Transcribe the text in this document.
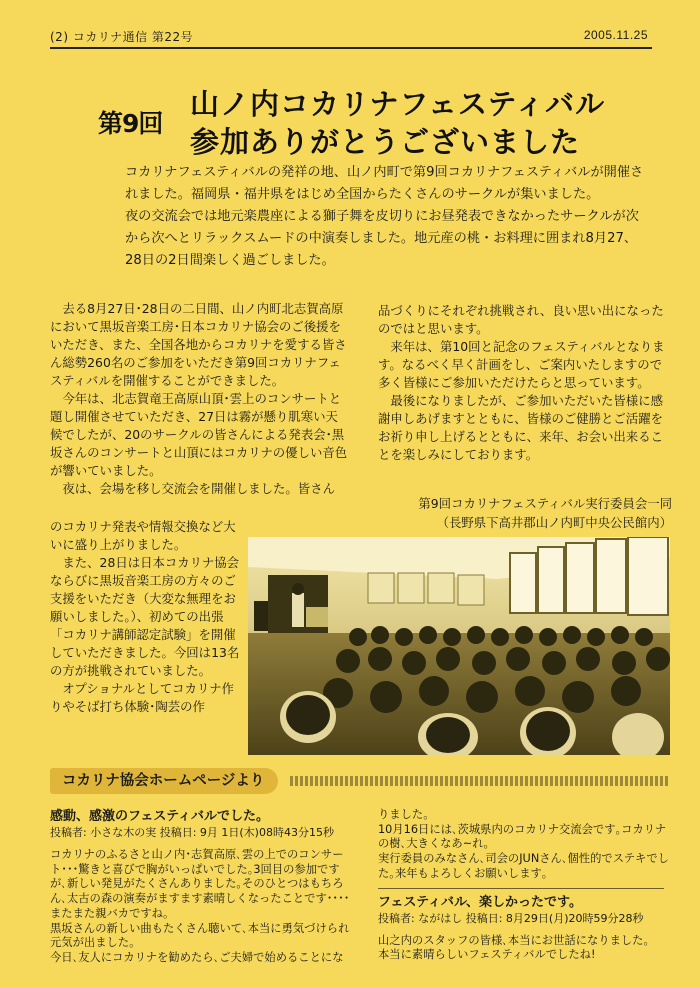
(2) コカリナ通信 第22号	2005.11.25
第9回
山ノ内コカリナフェスティバル
参加ありがとうございました

コカリナフェスティバルの発祥の地、山ノ内町で第9回コカリナフェスティバルが開催されました。福岡県・福井県をはじめ全国からたくさんのサークルが集いました。

夜の交流会では地元楽農座による獅子舞を皮切りにお昼発表できなかったサークルが次から次へとリラックスムードの中演奏しました。地元産の桃・お料理に囲まれ8月27、28日の2日間楽しく過ごしました。

去る8月27日･28日の二日間、山ノ内町北志賀高原において黒坂音楽工房･日本コカリナ協会のご後援をいただき、また、全国各地からコカリナを愛する皆さん総勢260名のご参加をいただき第9回コカリナフェスティバルを開催することができました。

今年は、北志賀竜王高原山頂･雲上のコンサートと題し開催させていただき、27日は霧が懸り肌寒い天候でしたが、20のサークルの皆さんによる発表会･黒坂さんのコンサートと山頂にはコカリナの優しい音色が響いていました。

夜は、会場を移し交流会を開催しました。皆さん

のコカリナ発表や情報交換など大いに盛り上がりました。

また、28日は日本コカリナ協会ならびに黒坂音楽工房の方々のご支援をいただき（大変な無理をお願いしました。）、初めての出張「コカリナ講師認定試験」を開催していただきました。今回は13名の方が挑戦されていました。

オプショナルとしてコカリナ作りやそば打ち体験･陶芸の作

品づくりにそれぞれ挑戦され、良い思い出になったのではと思います。

来年は、第10回と記念のフェスティバルとなります。なるべく早く計画をし、ご案内いたしますので多く皆様にご参加いただけたらと思っています。

最後になりましたが、ご参加いただいた皆様に感謝申しあげますとともに、皆様のご健勝とご活躍をお祈り申し上げるとともに、来年、お会い出来ることを楽しみにしております。

第9回コカリナフェスティバル実行委員会一同
（長野県下高井郡山ノ内町中央公民館内）
コカリナ協会ホームページより

感動、感激のフェスティバルでした。

投稿者: 小さな木の実 投稿日: 9月 1日(木)08時43分15秒

コカリナのふるさと山ノ内･志賀高原､雲の上でのコンサート･･･驚きと喜びで胸がいっぱいでした｡3回目の参加ですが､新しい発見がたくさんありました｡そのひとつはもちろん､太古の森の演奏がますます素晴しくなったことです････またまた親バカですね｡

黒坂さんの新しい曲もたくさん聴いて､本当に勇気づけられ元気が出ました｡

今日､友人にコカリナを勧めたら､ご夫婦で始めることにな

りました｡

10月16日には､茨城県内のコカリナ交流会です｡コカリナの樹､大きくなあ~れ｡

実行委員のみなさん､司会のJUNさん､個性的でステキでした｡来年もよろしくお願いします｡

フェスティバル、楽しかったです。

投稿者: ながはし 投稿日: 8月29日(月)20時59分28秒

山之内のスタッフの皆様､本当にお世話になりました｡

本当に素晴らしいフェスティバルでしたね!
